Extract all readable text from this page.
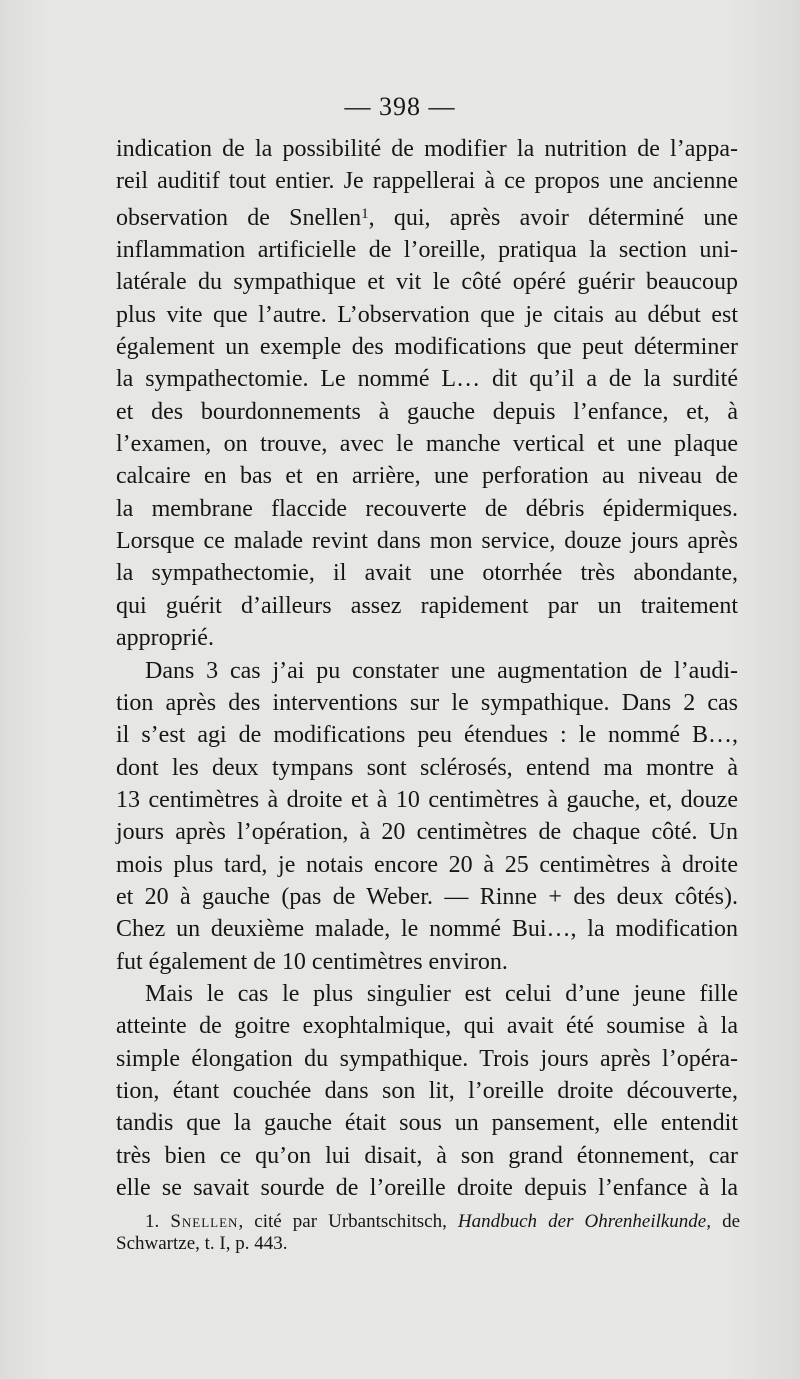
— 398 —

indication de la possibilité de modifier la nutrition de l’appa-
reil auditif tout entier. Je rappellerai à ce propos une ancienne
observation de Snellen$^1$, qui, après avoir déterminé une
inflammation artificielle de l’oreille, pratiqua la section uni-
latérale du sympathique et vit le côté opéré guérir beaucoup
plus vite que l’autre. L’observation que je citais au début est
également un exemple des modifications que peut déterminer
la sympathectomie. Le nommé L… dit qu’il a de la surdité
et des bourdonnements à gauche depuis l’enfance, et, à
l’examen, on trouve, avec le manche vertical et une plaque
calcaire en bas et en arrière, une perforation au niveau de
la membrane flaccide recouverte de débris épidermiques.
Lorsque ce malade revint dans mon service, douze jours après
la sympathectomie, il avait une otorrhée très abondante,
qui guérit d’ailleurs assez rapidement par un traitement
approprié.

Dans 3 cas j’ai pu constater une augmentation de l’audi-
tion après des interventions sur le sympathique. Dans 2 cas
il s’est agi de modifications peu étendues : le nommé B…,
dont les deux tympans sont sclérosés, entend ma montre à
13 centimètres à droite et à 10 centimètres à gauche, et, douze
jours après l’opération, à 20 centimètres de chaque côté. Un
mois plus tard, je notais encore 20 à 25 centimètres à droite
et 20 à gauche (pas de Weber. — Rinne + des deux côtés).
Chez un deuxième malade, le nommé Bui…, la modification
fut également de 10 centimètres environ.

Mais le cas le plus singulier est celui d’une jeune fille
atteinte de goitre exophtalmique, qui avait été soumise à la
simple élongation du sympathique. Trois jours après l’opéra-
tion, étant couchée dans son lit, l’oreille droite découverte,
tandis que la gauche était sous un pansement, elle entendit
très bien ce qu’on lui disait, à son grand étonnement, car
elle se savait sourde de l’oreille droite depuis l’enfance à la

1. Snellen, cité par Urbantschitsch, Handbuch der Ohrenheilkunde, de
Schwartze, t. I, p. 443.
